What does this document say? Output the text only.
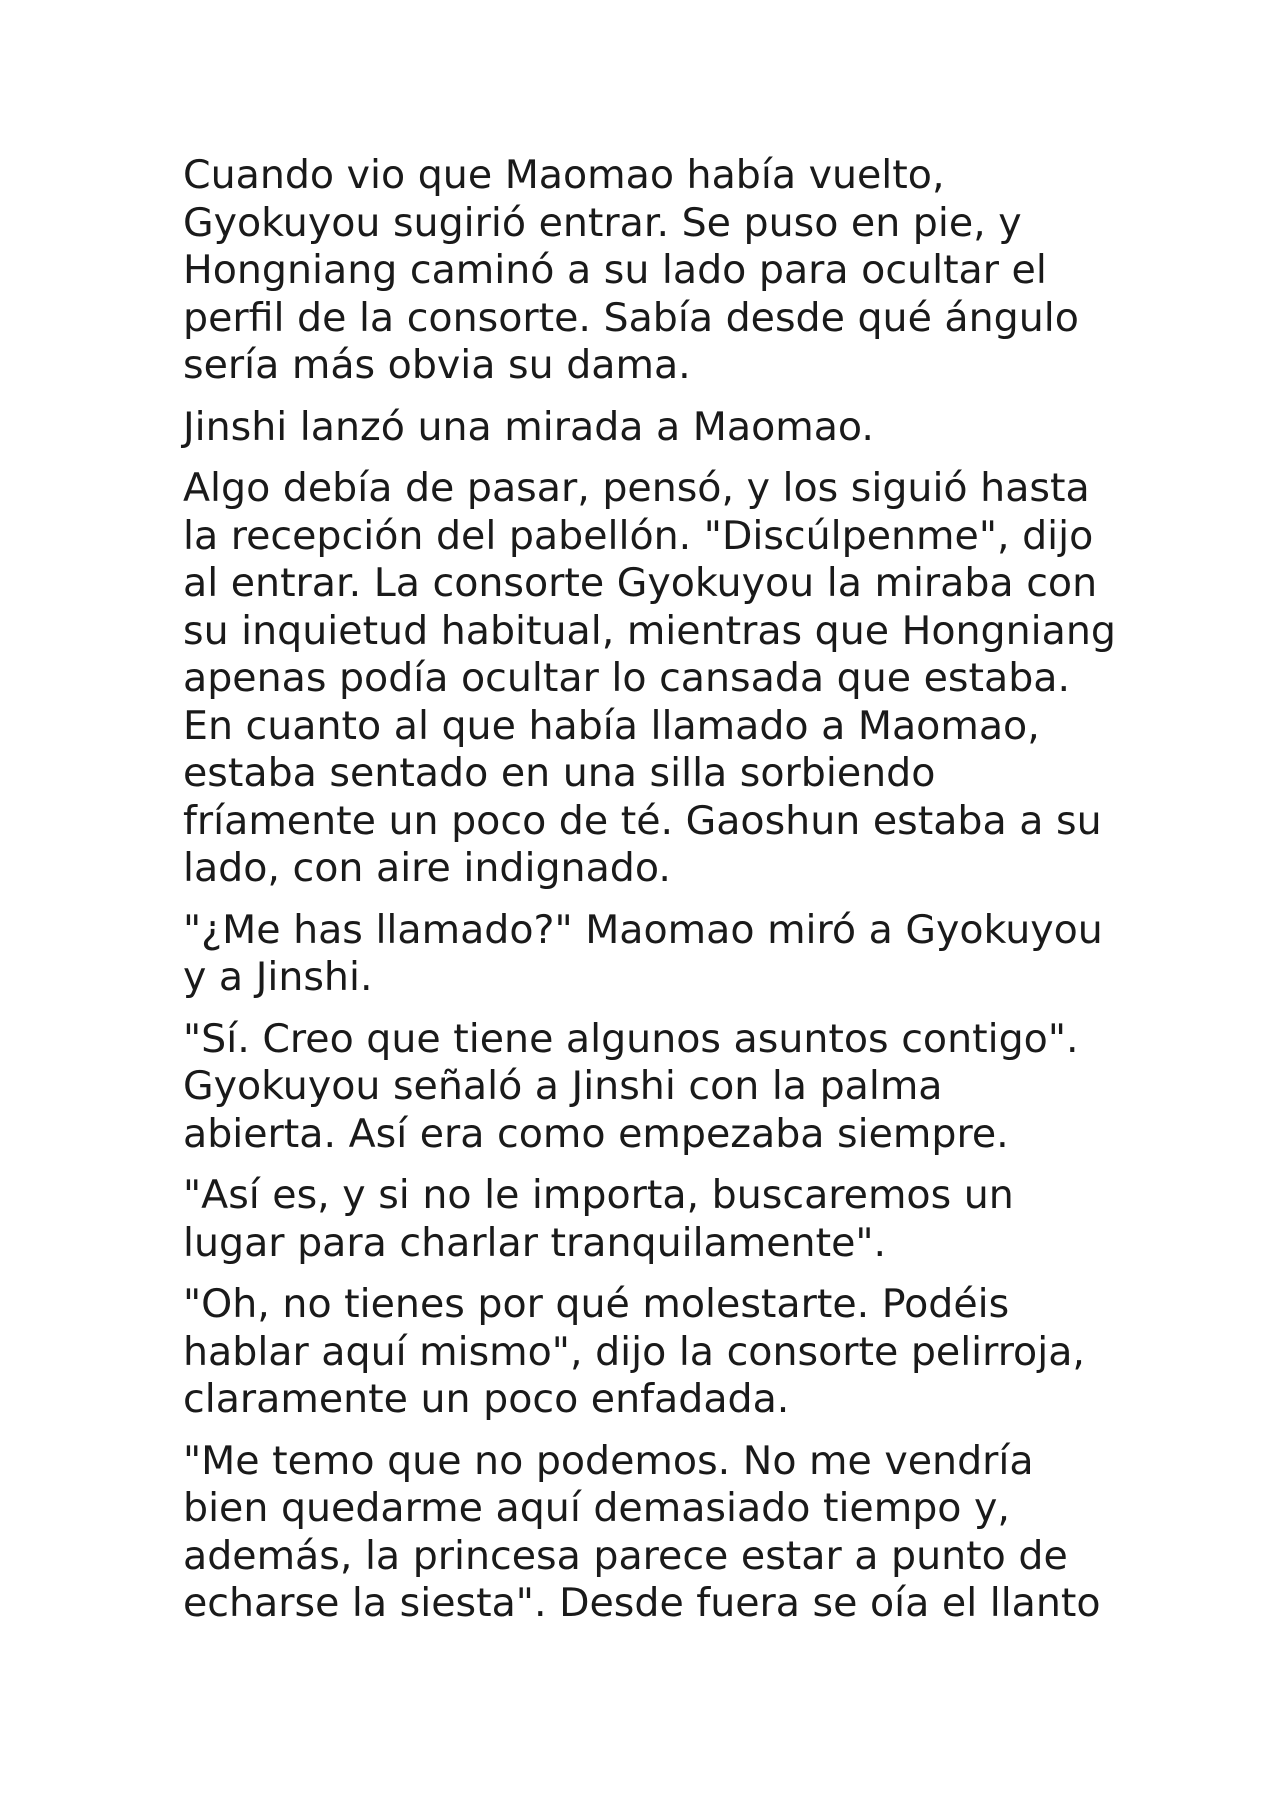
Cuando vio que Maomao había vuelto,
Gyokuyou sugirió entrar. Se puso en pie, y
Hongniang caminó a su lado para ocultar el
perfil de la consorte. Sabía desde qué ángulo
sería más obvia su dama.

Jinshi lanzó una mirada a Maomao.

Algo debía de pasar, pensó, y los siguió hasta
la recepción del pabellón. "Discúlpenme", dijo
al entrar. La consorte Gyokuyou la miraba con
su inquietud habitual, mientras que Hongniang
apenas podía ocultar lo cansada que estaba.
En cuanto al que había llamado a Maomao,
estaba sentado en una silla sorbiendo
fríamente un poco de té. Gaoshun estaba a su
lado, con aire indignado.

"¿Me has llamado?" Maomao miró a Gyokuyou
y a Jinshi.

"Sí. Creo que tiene algunos asuntos contigo".
Gyokuyou señaló a Jinshi con la palma
abierta. Así era como empezaba siempre.

"Así es, y si no le importa, buscaremos un
lugar para charlar tranquilamente".

"Oh, no tienes por qué molestarte. Podéis
hablar aquí mismo", dijo la consorte pelirroja,
claramente un poco enfadada.

"Me temo que no podemos. No me vendría
bien quedarme aquí demasiado tiempo y,
además, la princesa parece estar a punto de
echarse la siesta". Desde fuera se oía el llanto
